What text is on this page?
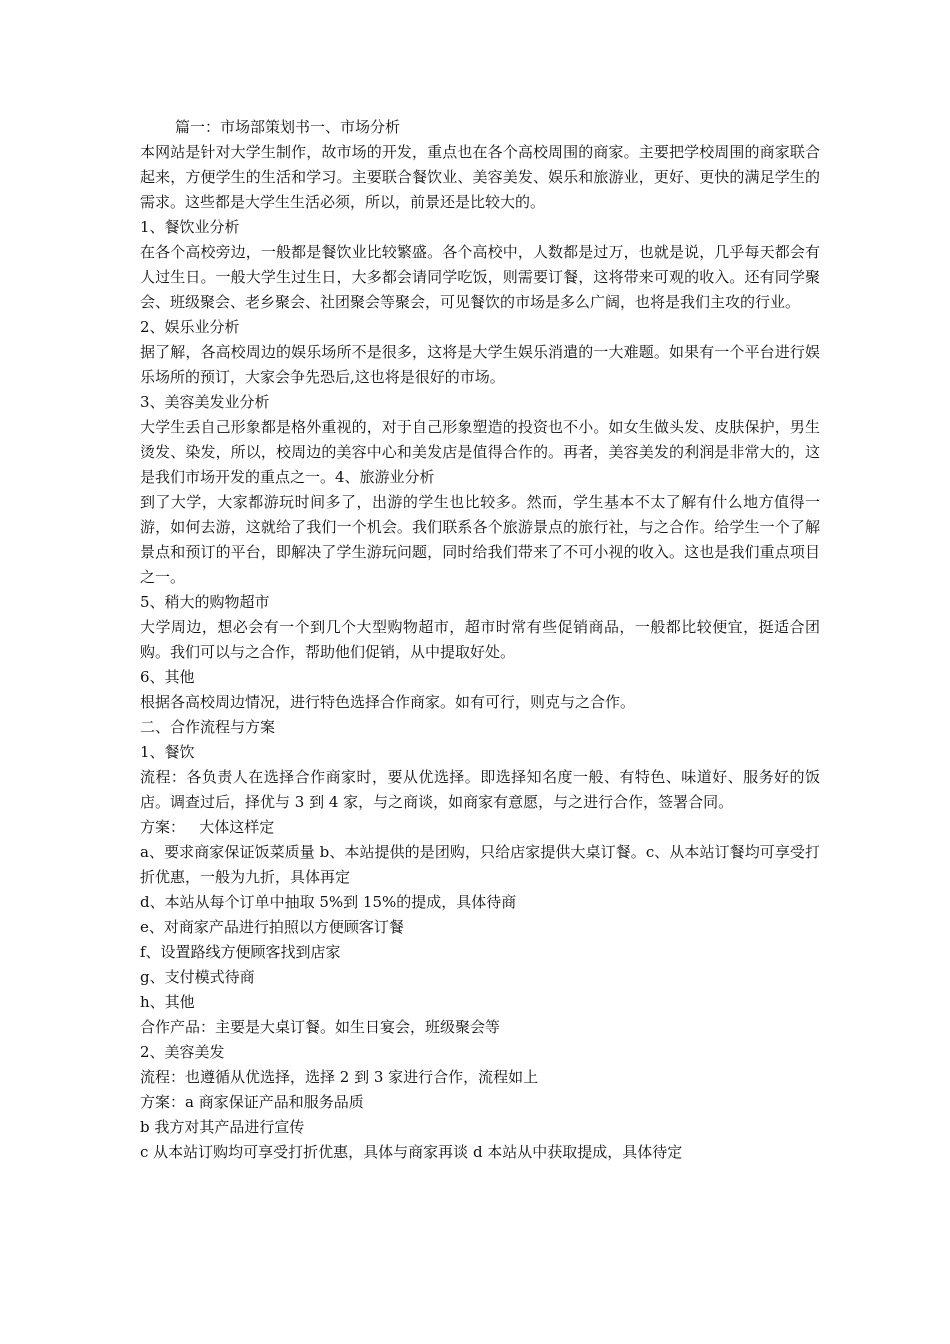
篇一：市场部策划书一、市场分析
本网站是针对大学生制作，故市场的开发，重点也在各个高校周围的商家。主要把学校周围的商家联合起来，方便学生的生活和学习。主要联合餐饮业、美容美发、娱乐和旅游业，更好、更快的满足学生的需求。这些都是大学生生活必须，所以，前景还是比较大的。
1、餐饮业分析
在各个高校旁边，一般都是餐饮业比较繁盛。各个高校中，人数都是过万，也就是说，几乎每天都会有人过生日。一般大学生过生日，大多都会请同学吃饭，则需要订餐，这将带来可观的收入。还有同学聚会、班级聚会、老乡聚会、社团聚会等聚会，可见餐饮的市场是多么广阔，也将是我们主攻的行业。
2、娱乐业分析
据了解，各高校周边的娱乐场所不是很多，这将是大学生娱乐消遣的一大难题。如果有一个平台进行娱乐场所的预订，大家会争先恐后,这也将是很好的市场。
3、美容美发业分析
大学生丢自己形象都是格外重视的，对于自己形象塑造的投资也不小。如女生做头发、皮肤保护，男生烫发、染发，所以，校周边的美容中心和美发店是值得合作的。再者，美容美发的利润是非常大的，这是我们市场开发的重点之一。4、旅游业分析
到了大学，大家都游玩时间多了，出游的学生也比较多。然而，学生基本不太了解有什么地方值得一游，如何去游，这就给了我们一个机会。我们联系各个旅游景点的旅行社，与之合作。给学生一个了解景点和预订的平台，即解决了学生游玩问题，同时给我们带来了不可小视的收入。这也是我们重点项目之一。
5、稍大的购物超市
大学周边，想必会有一个到几个大型购物超市，超市时常有些促销商品，一般都比较便宜，挺适合团购。我们可以与之合作，帮助他们促销，从中提取好处。
6、其他
根据各高校周边情况，进行特色选择合作商家。如有可行，则克与之合作。
二、合作流程与方案
1、餐饮
流程：各负责人在选择合作商家时，要从优选择。即选择知名度一般、有特色、味道好、服务好的饭店。调查过后，择优与 3 到 4 家，与之商谈，如商家有意愿，与之进行合作，签署合同。
方案：   大体这样定
a、要求商家保证饭菜质量 b、本站提供的是团购，只给店家提供大桌订餐。c、从本站订餐均可享受打折优惠，一般为九折，具体再定
d、本站从每个订单中抽取 5%到 15%的提成，具体待商
e、对商家产品进行拍照以方便顾客订餐
f、设置路线方便顾客找到店家
g、支付模式待商
h、其他
合作产品：主要是大桌订餐。如生日宴会，班级聚会等
2、美容美发
流程：也遵循从优选择，选择 2 到 3 家进行合作，流程如上
方案：a 商家保证产品和服务品质
b 我方对其产品进行宣传
c 从本站订购均可享受打折优惠，具体与商家再谈 d 本站从中获取提成，具体待定
